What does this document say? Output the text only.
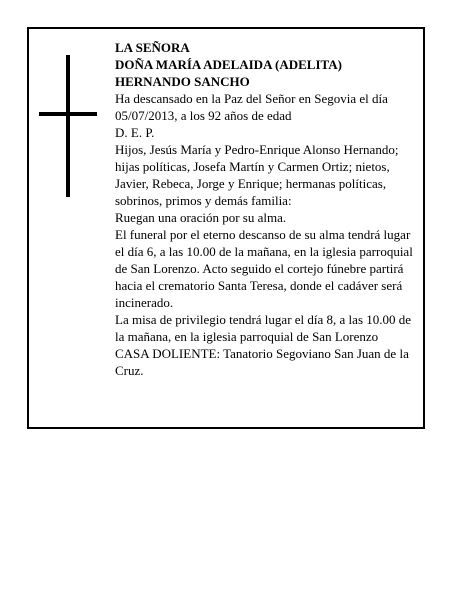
LA SEÑORA

DOÑA MARÍA ADELAIDA (ADELITA)

HERNANDO SANCHO

Ha descansado en la Paz del Señor en Segovia el día 05/07/2013, a los 92 años de edad

D. E. P.

Hijos, Jesús María y Pedro-Enrique Alonso Hernando; hijas políticas, Josefa Martín y Carmen Ortiz; nietos, Javier, Rebeca, Jorge y Enrique; hermanas políticas, sobrinos, primos y demás familia:

Ruegan una oración por su alma.

El funeral por el eterno descanso de su alma tendrá lugar el día 6, a las 10.00 de la mañana, en la iglesia parroquial de San Lorenzo. Acto seguido el cortejo fúnebre partirá hacia el crematorio Santa Teresa, donde el cadáver será incinerado.

La misa de privilegio tendrá lugar el día 8, a las 10.00 de la mañana, en la iglesia parroquial de San Lorenzo

CASA DOLIENTE: Tanatorio Segoviano San Juan de la Cruz.
